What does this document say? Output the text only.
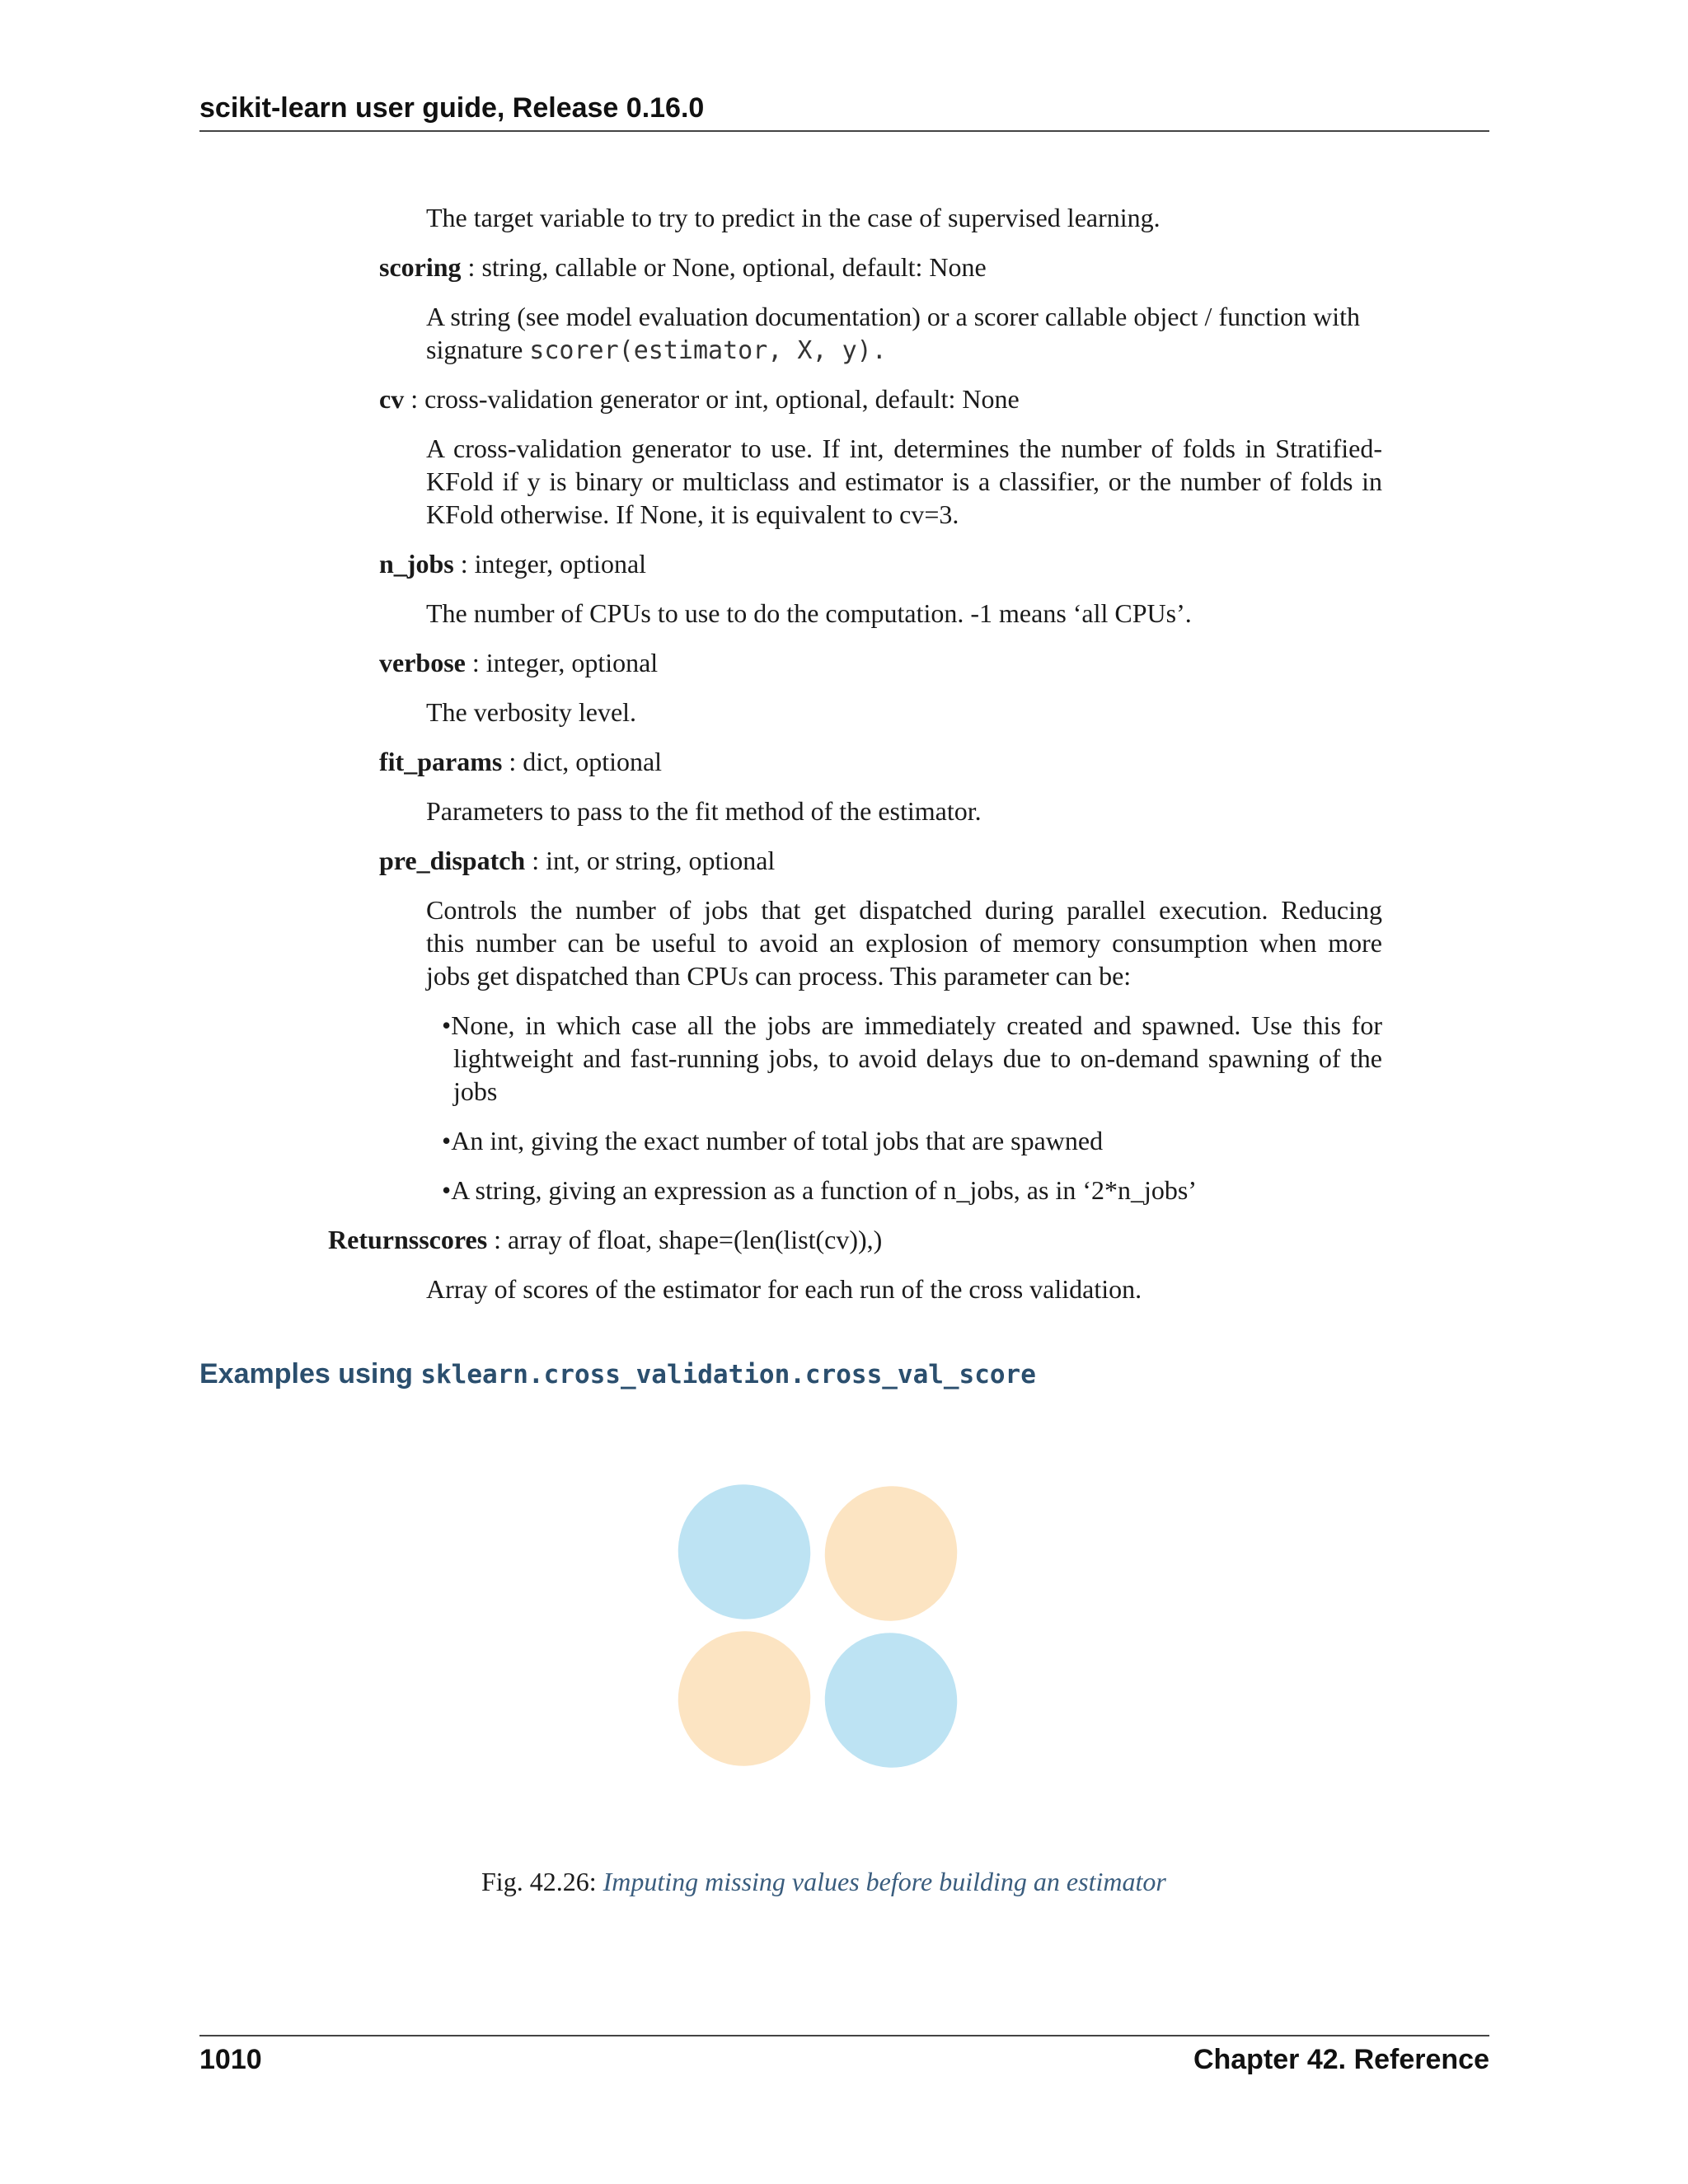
scikit-learn user guide, Release 0.16.0
The target variable to try to predict in the case of supervised learning.
scoring : string, callable or None, optional, default: None
A string (see model evaluation documentation) or a scorer callable object / function with
signature scorer(estimator, X, y).
cv : cross-validation generator or int, optional, default: None
A cross-validation generator to use. If int, determines the number of folds in Stratified-
KFold if y is binary or multiclass and estimator is a classifier, or the number of folds in
KFold otherwise. If None, it is equivalent to cv=3.
n_jobs : integer, optional
The number of CPUs to use to do the computation. -1 means ‘all CPUs’.
verbose : integer, optional
The verbosity level.
fit_params : dict, optional
Parameters to pass to the fit method of the estimator.
pre_dispatch : int, or string, optional
Controls the number of jobs that get dispatched during parallel execution. Reducing
this number can be useful to avoid an explosion of memory consumption when more
jobs get dispatched than CPUs can process. This parameter can be:
•None, in which case all the jobs are immediately created and spawned. Use this for
lightweight and fast-running jobs, to avoid delays due to on-demand spawning of the
jobs
•An int, giving the exact number of total jobs that are spawned
•A string, giving an expression as a function of n_jobs, as in ‘2*n_jobs’
Returnsscores : array of float, shape=(len(list(cv)),)
Array of scores of the estimator for each run of the cross validation.
Examples using sklearn.cross_validation.cross_val_score
Fig. 42.26: Imputing missing values before building an estimator
1010	Chapter 42. Reference
